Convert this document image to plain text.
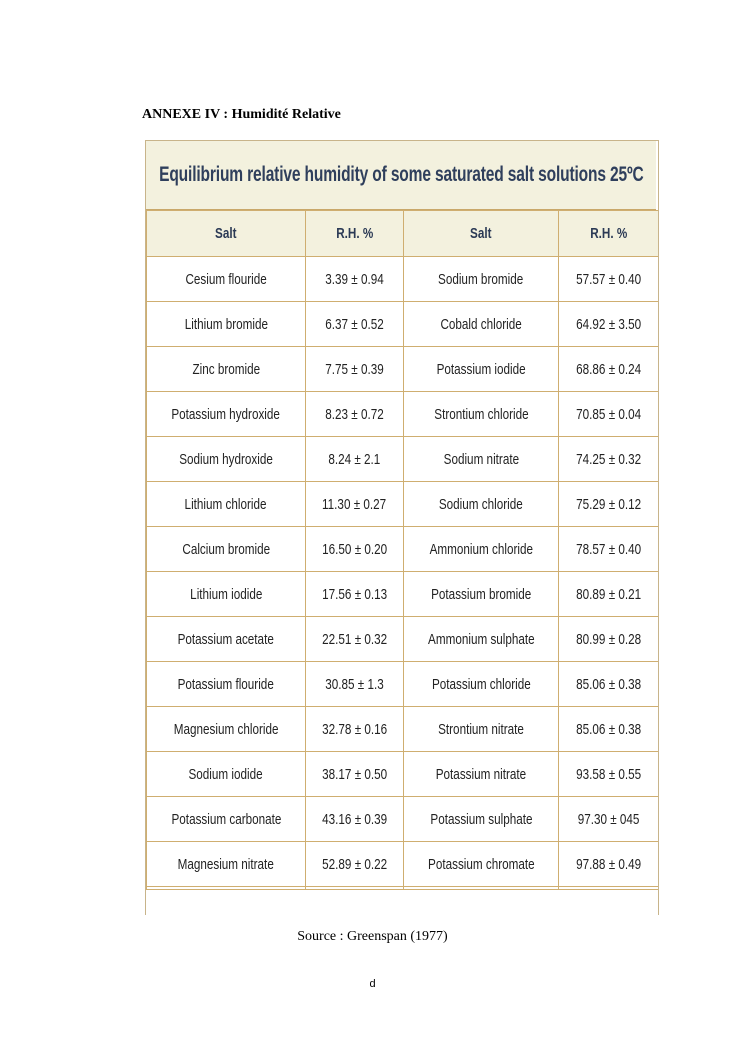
ANNEXE IV : Humidité Relative
Equilibrium relative humidity of some saturated salt solutions 25ºC
Salt	R.H. %	Salt	R.H. %
Cesium flouride	3.39 ± 0.94	Sodium bromide	57.57 ± 0.40
Lithium bromide	6.37 ± 0.52	Cobald chloride	64.92 ± 3.50
Zinc bromide	7.75 ± 0.39	Potassium iodide	68.86 ± 0.24
Potassium hydroxide	8.23 ± 0.72	Strontium chloride	70.85 ± 0.04
Sodium hydroxide	8.24 ± 2.1	Sodium nitrate	74.25 ± 0.32
Lithium chloride	11.30 ± 0.27	Sodium chloride	75.29 ± 0.12
Calcium bromide	16.50 ± 0.20	Ammonium chloride	78.57 ± 0.40
Lithium iodide	17.56 ± 0.13	Potassium bromide	80.89 ± 0.21
Potassium acetate	22.51 ± 0.32	Ammonium sulphate	80.99 ± 0.28
Potassium flouride	30.85 ± 1.3	Potassium chloride	85.06 ± 0.38
Magnesium chloride	32.78 ± 0.16	Strontium nitrate	85.06 ± 0.38
Sodium iodide	38.17 ± 0.50	Potassium nitrate	93.58 ± 0.55
Potassium carbonate	43.16 ± 0.39	Potassium sulphate	97.30 ± 045
Magnesium nitrate	52.89 ± 0.22	Potassium chromate	97.88 ± 0.49

Source : Greenspan (1977)
d
